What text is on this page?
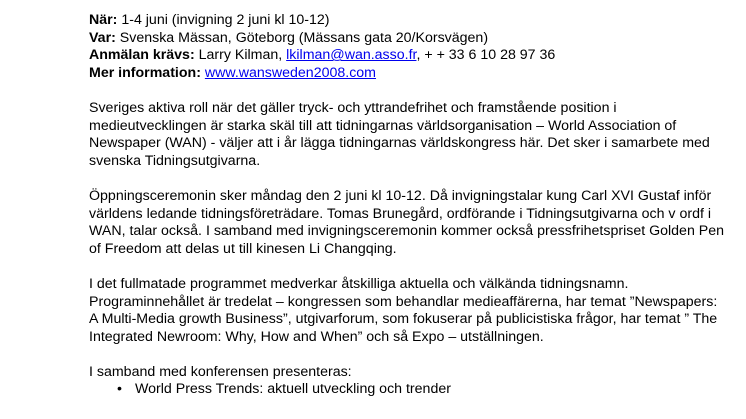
När: 1-4 juni (invigning 2 juni kl 10-12)
Var: Svenska Mässan, Göteborg (Mässans gata 20/Korsvägen)
Anmälan krävs: Larry Kilman, lkilman@wan.asso.fr, + + 33 6 10 28 97 36
Mer information: www.wansweden2008.com

Sveriges aktiva roll när det gäller tryck- och yttrandefrihet och framstående position i medieutvecklingen är starka skäl till att tidningarnas världsorganisation – World Association of Newspaper (WAN) - väljer att i år lägga tidningarnas världskongress här. Det sker i samarbete med svenska Tidningsutgivarna.

Öppningsceremonin sker måndag den 2 juni kl 10-12. Då invigningstalar kung Carl XVI Gustaf inför världens ledande tidningsföreträdare. Tomas Brunegård, ordförande i Tidningsutgivarna och v ordf i WAN, talar också. I samband med invigningsceremonin kommer också pressfrihetspriset Golden Pen of Freedom att delas ut till kinesen Li Changqing.

I det fullmatade programmet medverkar åtskilliga aktuella och välkända tidningsnamn. Programinnehållet är tredelat – kongressen som behandlar medieaffärerna, har temat ”Newspapers: A Multi-Media growth Business”, utgivarforum, som fokuserar på publicistiska frågor, har temat ” The Integrated Newroom: Why, How and When” och så Expo – utställningen.

I samband med konferensen presenteras:

• World Press Trends: aktuell utveckling och trender
